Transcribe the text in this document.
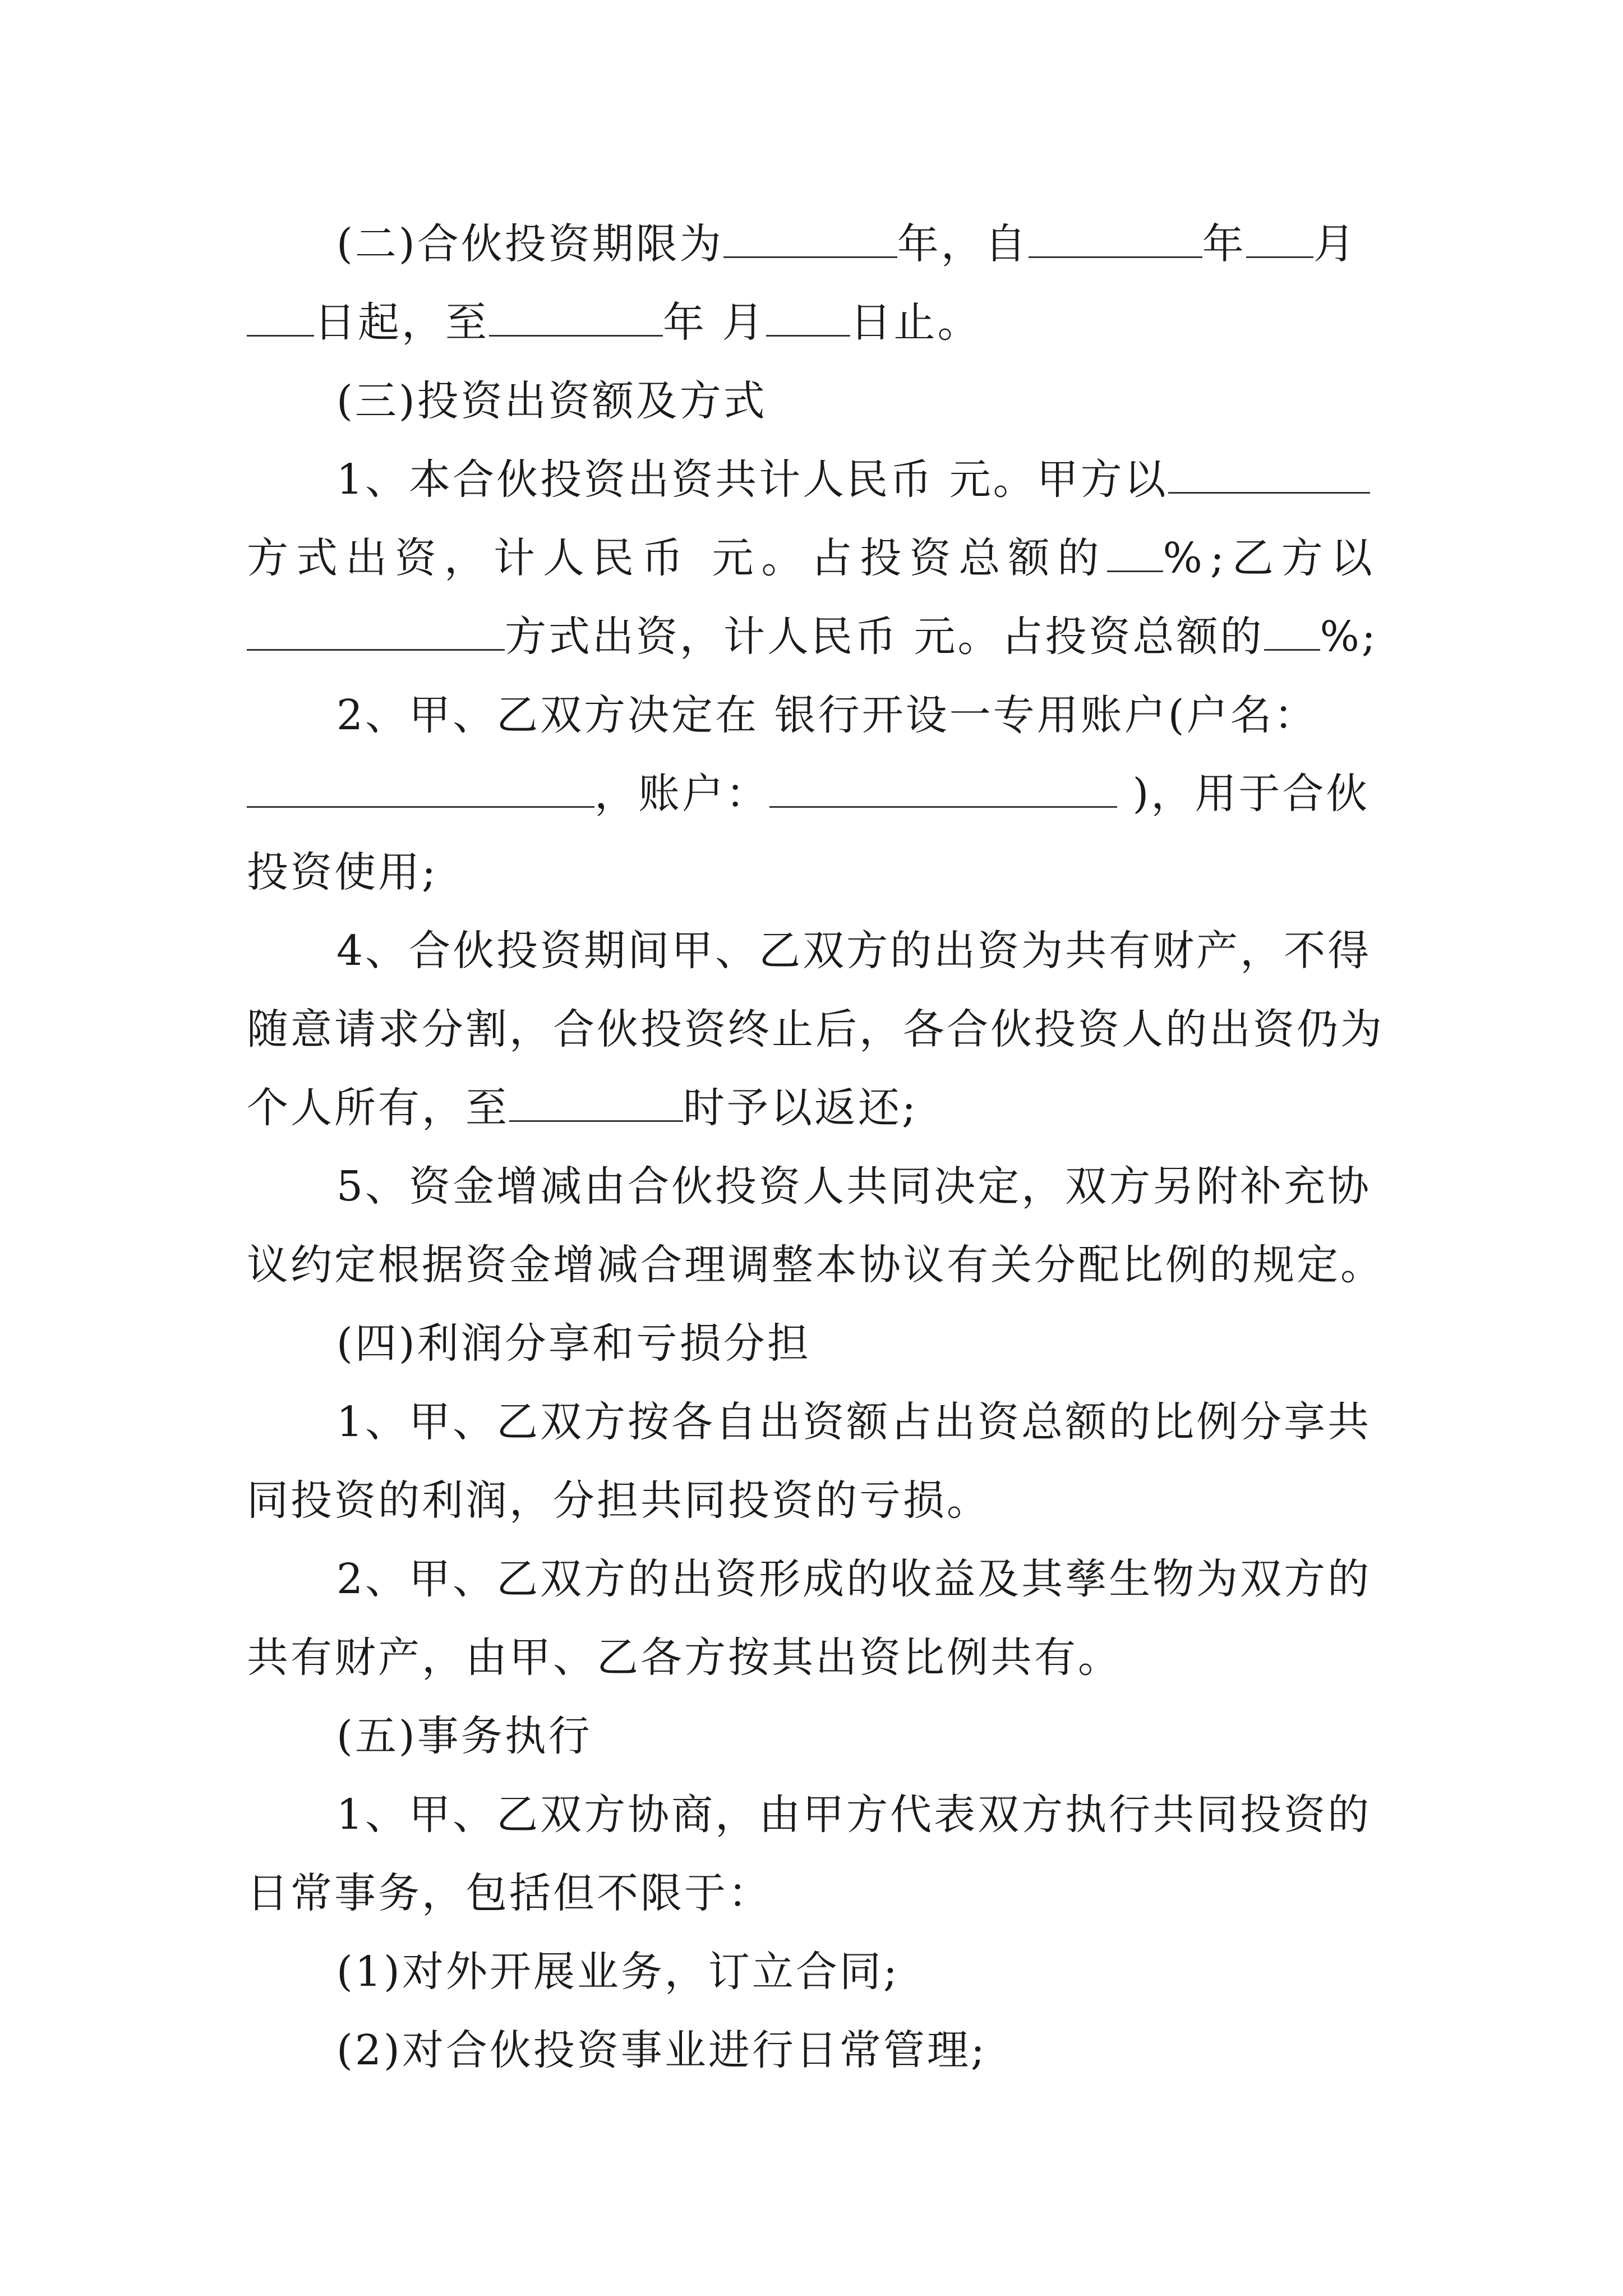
(二)合伙投资期限为	年，自	年 月
日起，至	年 月 日止。
(三)投资出资额及方式
1、本合伙投资出资共计人民币 元。甲方以
方式出资，计人民币 元。占投资总额的 %;乙方以
方式出资，计人民币 元。占投资总额的 %;
2、甲、乙双方决定在 银行开设一专用账户(户名：
，账户：	)，用于合伙
投资使用;
4、合伙投资期间甲、乙双方的出资为共有财产，不得
随意请求分割，合伙投资终止后，各合伙投资人的出资仍为
个人所有，至	时予以返还;
5、资金增减由合伙投资人共同决定，双方另附补充协
议约定根据资金增减合理调整本协议有关分配比例的规定。
(四)利润分享和亏损分担
1、甲、乙双方按各自出资额占出资总额的比例分享共
同投资的利润，分担共同投资的亏损。
2、甲、乙双方的出资形成的收益及其孳生物为双方的
共有财产，由甲、乙各方按其出资比例共有。
(五)事务执行
1、甲、乙双方协商，由甲方代表双方执行共同投资的
日常事务，包括但不限于：
(1)对外开展业务，订立合同;
(2)对合伙投资事业进行日常管理;
